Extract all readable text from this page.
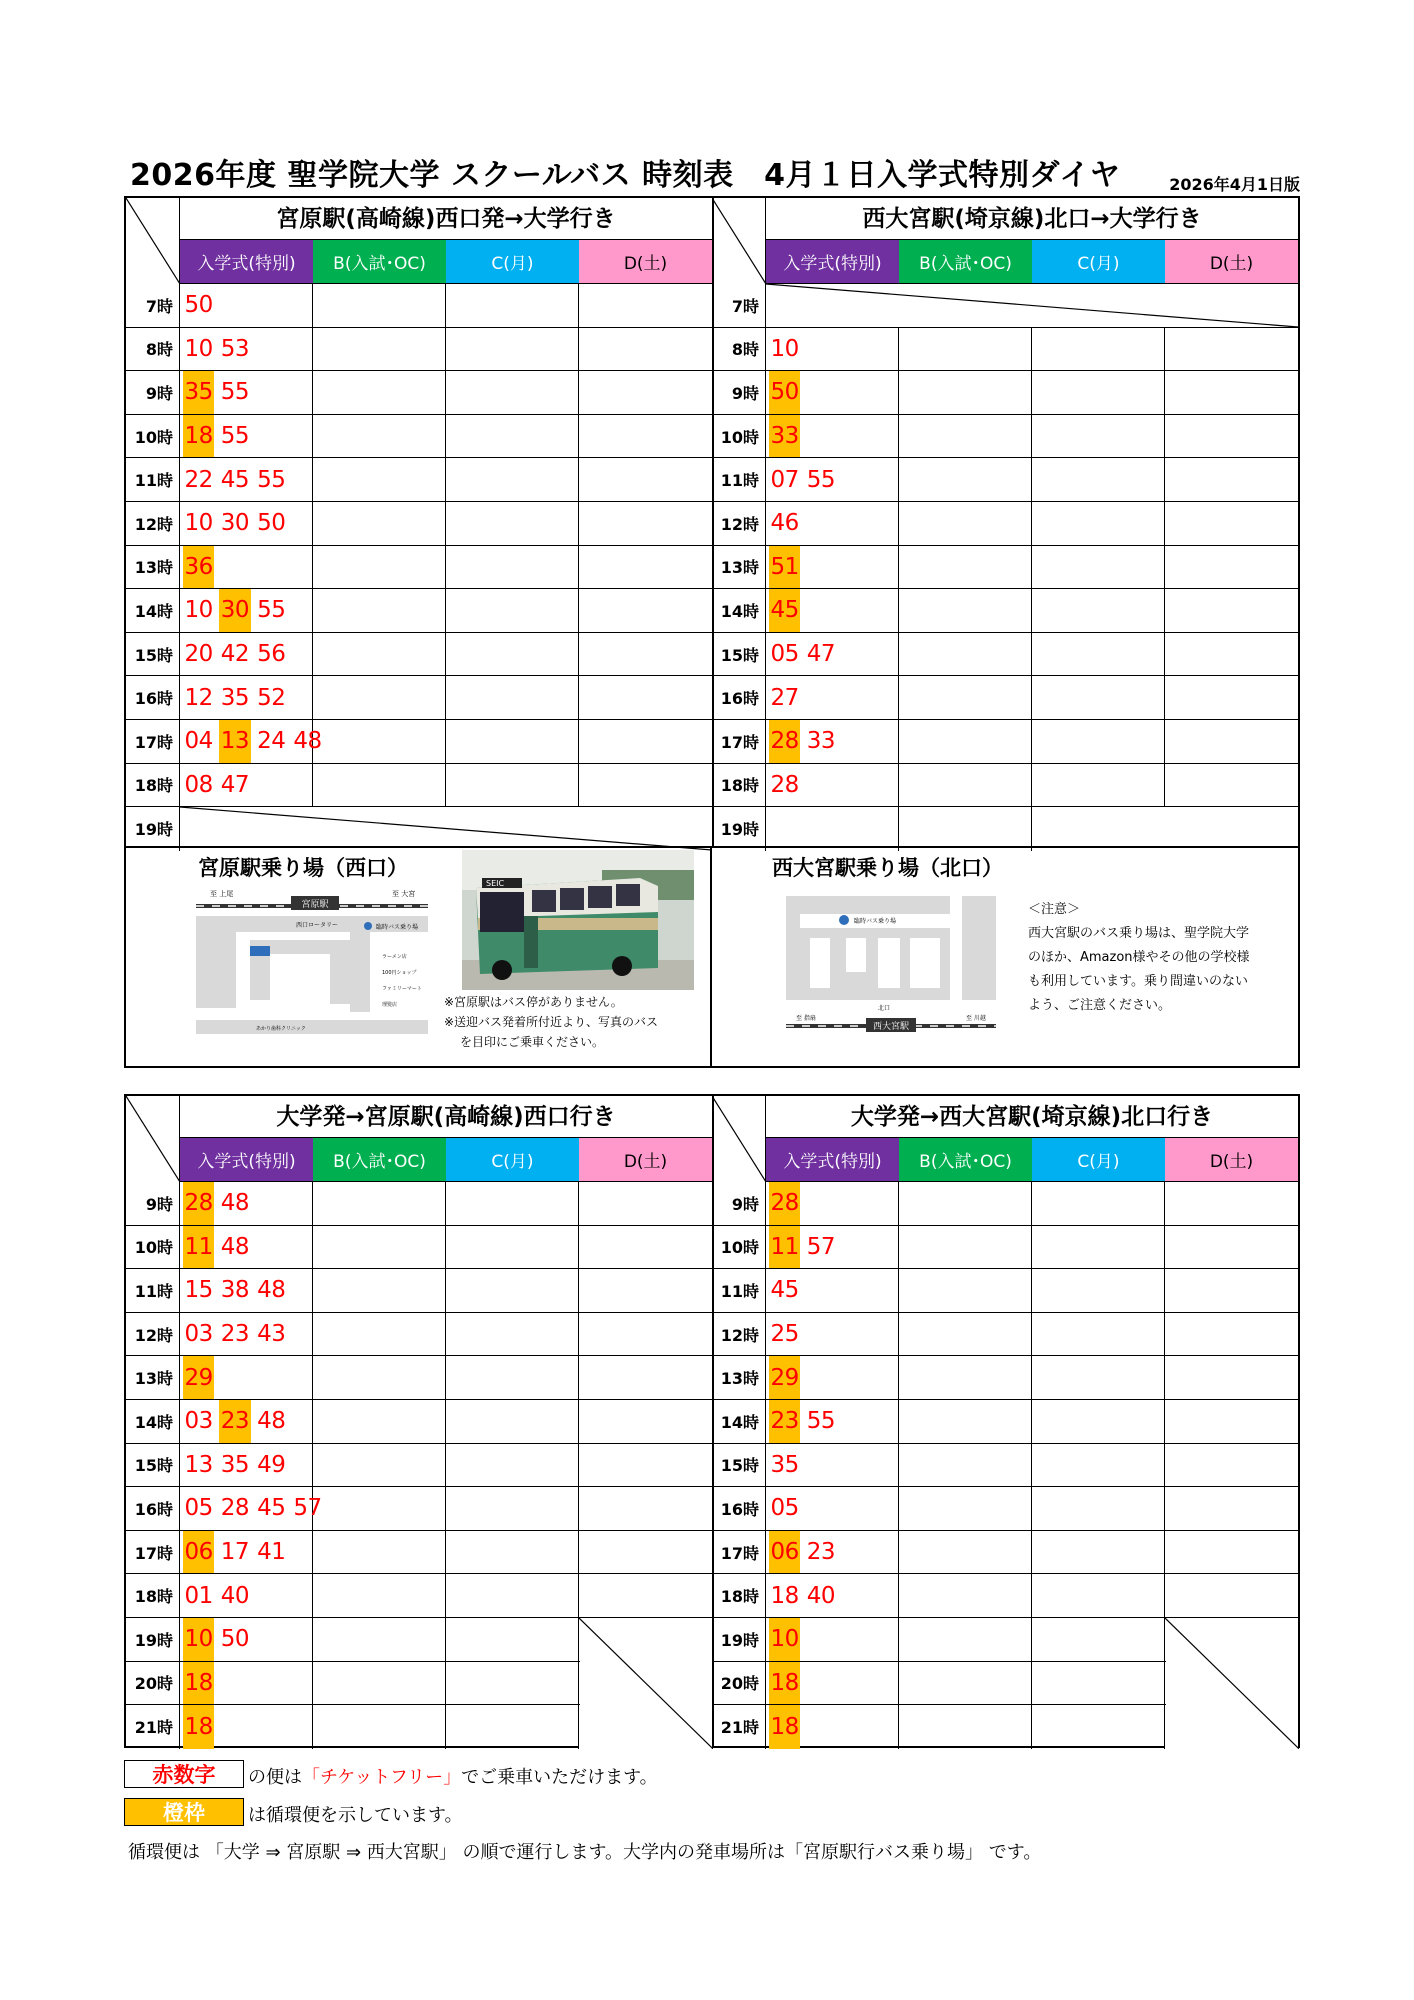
2026年度 聖学院大学 スクールバス 時刻表　4月１日入学式特別ダイヤ	2026年4月1日版
宮原駅(高崎線)西口発→大学行き
入学式(特別)	B(入試･OC)	C(月)	D(土)
7時 50
8時 10 53
9時 35 55
10時 18 55
11時 22 45 55
12時 10 30 50
13時 36
14時 10 30 55
15時 20 42 56
16時 12 35 52
17時 04 13 24 48
18時 08 47
19時
西大宮駅(埼京線)北口→大学行き
入学式(特別)	B(入試･OC)	C(月)	D(土)
7時
8時 10
9時 50
10時 33
11時 07 55
12時 46
13時 51
14時 45
15時 05 47
16時 27
17時 28 33
18時 28
19時
宮原駅乗り場（西口）
宮原駅
至 上尾	至 大宮
西口ロータリー	臨時バス乗り場
ラーメン店
100円ショップ
ファミリーマート
理髪店
あかり歯科クリニック
SEIC
※宮原駅はバス停がありません。
※送迎バス発着所付近より、写真のバス
を目印にご乗車ください。
西大宮駅乗り場（北口）
臨時バス乗り場
北口
至 指扇	至 川越
西大宮駅
＜注意＞
西大宮駅のバス乗り場は、聖学院大学
のほか、Amazon様やその他の学校様
も利用しています。乗り間違いのない
よう、ご注意ください。
大学発→宮原駅(高崎線)西口行き
入学式(特別)	B(入試･OC)	C(月)	D(土)
9時 28 48
10時 11 48
11時 15 38 48
12時 03 23 43
13時 29
14時 03 23 48
15時 13 35 49
16時 05 28 45 57
17時 06 17 41
18時 01 40
19時 10 50
20時 18
21時 18
大学発→西大宮駅(埼京線)北口行き
入学式(特別)	B(入試･OC)	C(月)	D(土)
9時 28
10時 11 57
11時 45
12時 25
13時 29
14時 23 55
15時 35
16時 05
17時 06 23
18時 18 40
19時 10
20時 18
21時 18
赤数字	の便は「チケットフリー」でご乗車いただけます。
橙枠	は循環便を示しています。
循環便は 「大学 ⇒ 宮原駅 ⇒ 西大宮駅」 の順で運行します。大学内の発車場所は「宮原駅行バス乗り場」 です。
